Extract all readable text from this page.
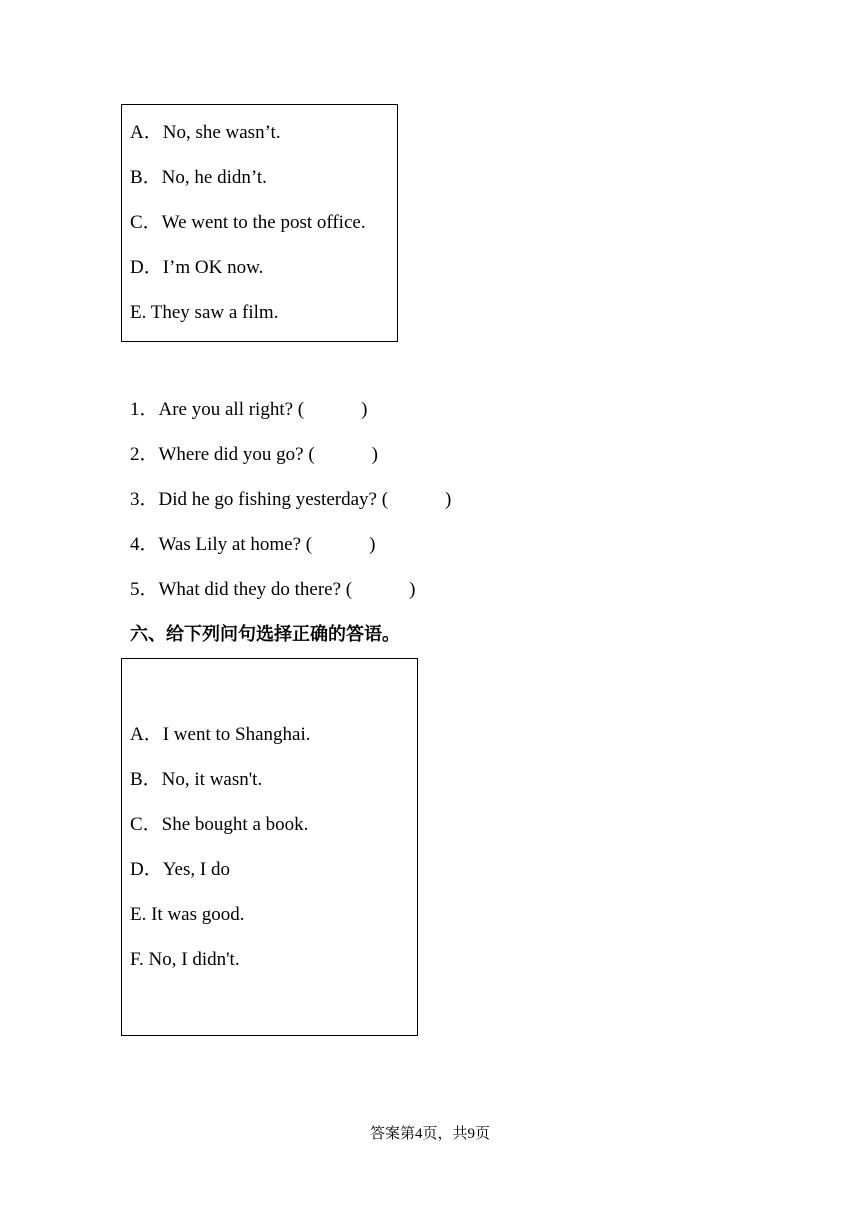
A．No, she wasn’t.
B．No, he didn’t.
C．We went to the post office.
D．I’m OK now.
E. They saw a film.
1．Are you all right? (            )
2．Where did you go? (            )
3．Did he go fishing yesterday? (            )
4．Was Lily at home? (            )
5．What did they do there? (            )
六、给下列问句选择正确的答语。
A．I went to Shanghai.
B．No, it wasn't.
C．She bought a book.
D．Yes, I do
E. It was good.
F. No, I didn't.
答案第4页，共9页
